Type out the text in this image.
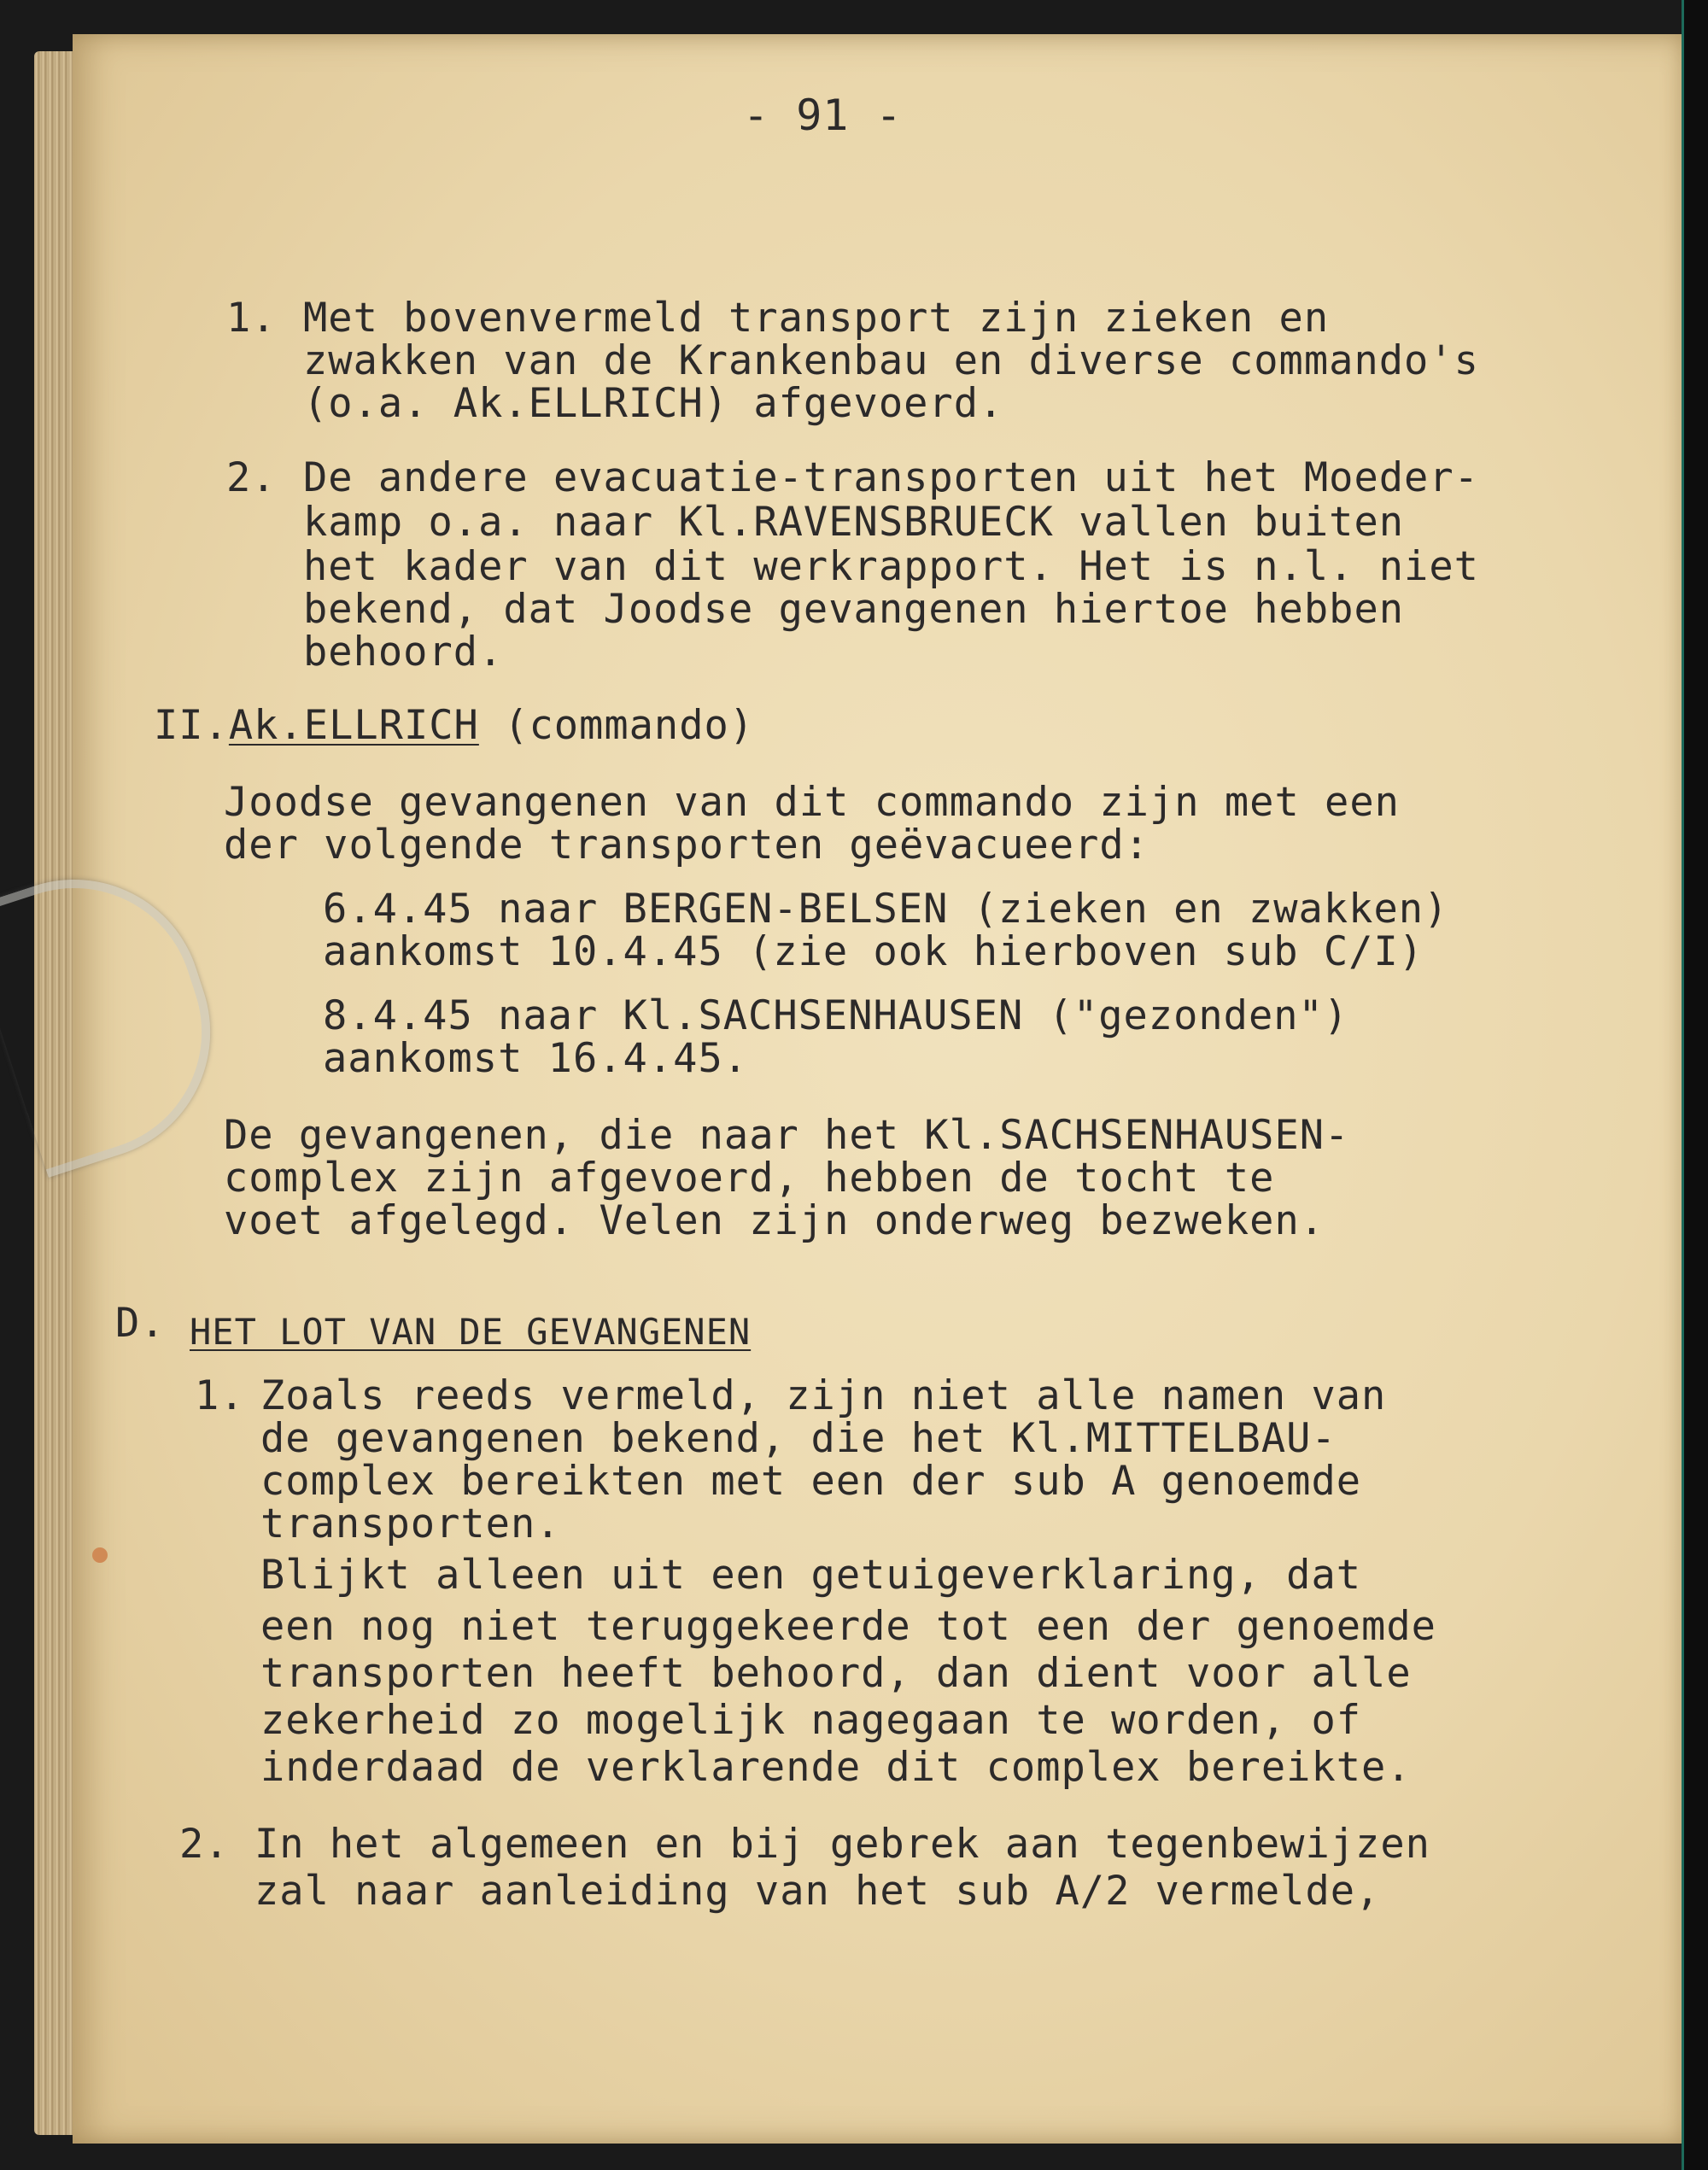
- 91 -
1. Met bovenvermeld transport zijn zieken en
zwakken van de Krankenbau en diverse commando's
(o.a. Ak.ELLRICH) afgevoerd.
2. De andere evacuatie-transporten uit het Moeder-
kamp o.a. naar Kl.RAVENSBRUECK vallen buiten
het kader van dit werkrapport. Het is n.l. niet
bekend, dat Joodse gevangenen hiertoe hebben
behoord.
II.Ak.ELLRICH (commando)
Joodse gevangenen van dit commando zijn met een
der volgende transporten geëvacueerd:
6.4.45 naar BERGEN-BELSEN (zieken en zwakken)
aankomst 10.4.45 (zie ook hierboven sub C/I)
8.4.45 naar Kl.SACHSENHAUSEN ("gezonden")
aankomst 16.4.45.
De gevangenen, die naar het Kl.SACHSENHAUSEN-
complex zijn afgevoerd, hebben de tocht te
voet afgelegd. Velen zijn onderweg bezweken.
D. HET LOT VAN DE GEVANGENEN
1. Zoals reeds vermeld, zijn niet alle namen van
de gevangenen bekend, die het Kl.MITTELBAU-
complex bereikten met een der sub A genoemde
transporten.
Blijkt alleen uit een getuigeverklaring, dat
een nog niet teruggekeerde tot een der genoemde
transporten heeft behoord, dan dient voor alle
zekerheid zo mogelijk nagegaan te worden, of
inderdaad de verklarende dit complex bereikte.
2. In het algemeen en bij gebrek aan tegenbewijzen
zal naar aanleiding van het sub A/2 vermelde,
